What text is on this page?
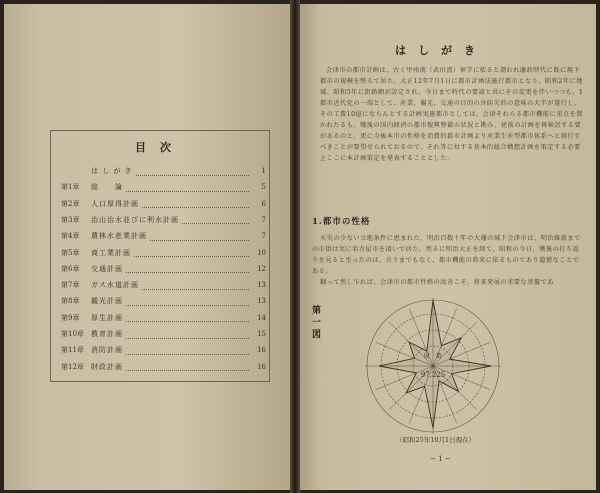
目次
は し が き	1
第1章	総　　論	5
第2章	人口厚得計画	6
第3章	治山治水並びに利水計画	7
第4章	農林水産業計画	7
第5章	商工業計画	10
第6章	交通計画	12
第7章	ガス水道計画	13
第8章	観光計画	13
第9章	厚生計画	14
第10章	教育計画	15
第11章	消防計画	16
第12章	財政計画	16
はしがき

会津市の都市計画は、古く甲州流（武田流）軍学に依ると謂われ藩政時代に既に現下都市の規模を整えて居た。大正12年7月1日に都市計画法施行都市となり、昭和2年に地域、昭和5年に街路網が設定され、今日まで時代の要請と共にその変更を伴いつつも、1都市近代化の一端として、産業、観光、交通の目的の外防災的の意味の大半が遂行し、その工費10億にならんとする計画実施都市としては、会津それらる都市機能に重点を置かれたるも、戦後の国内経済の都市復興整備の状況と勘み、従前の計画を再検討する要があるのと、更に今後本市の性格を消費的都市計画より産業生産型都市体系へと移行すべきことが要望せられておるので、それ等に対する基本的総合構想計画を策定する必要上ここに本計画策定を発表することとした。

1.都市の性格

天災の少ない立地条件に恵まれた、明治百数十年の大藩の城下会津市は、明治維新までの市街は実に名古屋市を凌いで居た。然るに明治大正を経て、昭和の今日、戦後の打ち返りを見ると至ったのは、言うまでもなく、都市機能の将来に依るものであり遺憾なことである。

翻って然し乍れば、会津市の都市性格の改善こそ、将来発展の重要な基盤であ

第一図
財　数
97,225
（昭和25年10月1日現在）
− 1 −
